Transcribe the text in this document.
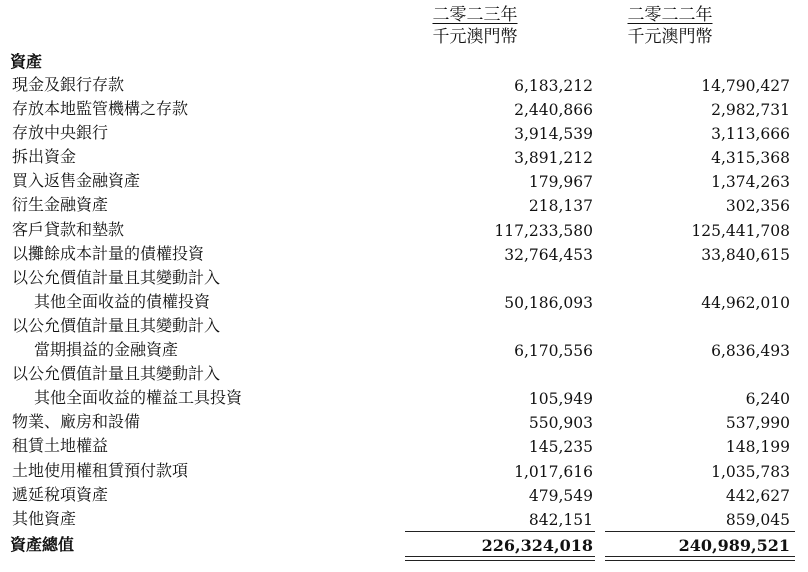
二零二三年
千元澳門幣
二零二二年
千元澳門幣
資產
現金及銀行存款	6,183,212	14,790,427
存放本地監管機構之存款	2,440,866	2,982,731
存放中央銀行	3,914,539	3,113,666
拆出資金	3,891,212	4,315,368
買入返售金融資產	179,967	1,374,263
衍生金融資產	218,137	302,356
客戶貸款和墊款	117,233,580	125,441,708
以攤餘成本計量的債權投資	32,764,453	33,840,615
以公允價值計量且其變動計入
其他全面收益的債權投資	50,186,093	44,962,010
以公允價值計量且其變動計入
當期損益的金融資產	6,170,556	6,836,493
以公允價值計量且其變動計入
其他全面收益的權益工具投資	105,949	6,240
物業、廠房和設備	550,903	537,990
租賃土地權益	145,235	148,199
土地使用權租賃預付款項	1,017,616	1,035,783
遞延稅項資產	479,549	442,627
其他資產	842,151	859,045
資產總值	226,324,018	240,989,521
